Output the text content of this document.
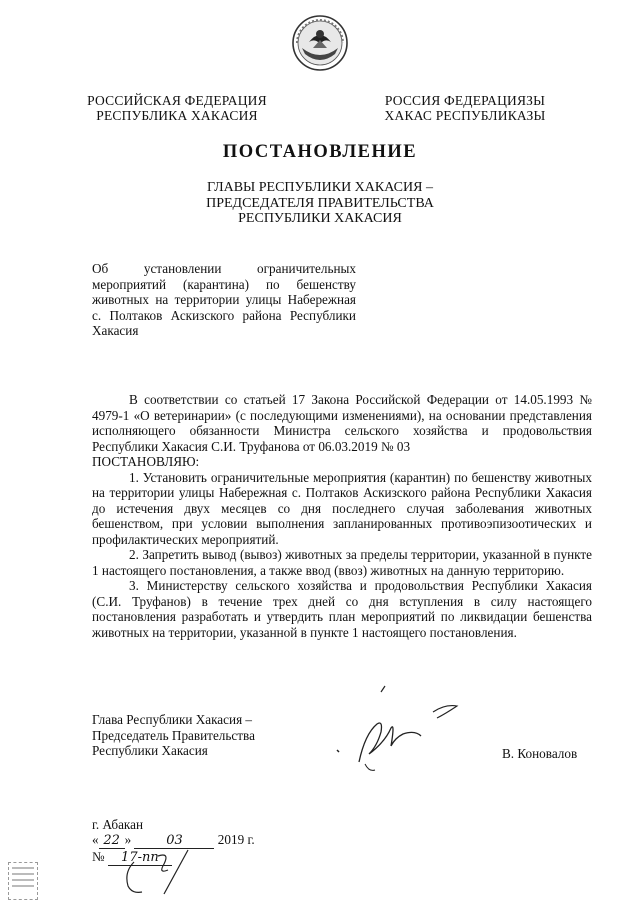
РОССИЙСКАЯ ФЕДЕРАЦИЯ
РЕСПУБЛИКА ХАКАСИЯ
РОССИЯ ФЕДЕРАЦИЯЗЫ
ХАКАС РЕСПУБЛИКАЗЫ
ПОСТАНОВЛЕНИЕ
ГЛАВЫ РЕСПУБЛИКИ ХАКАСИЯ –
ПРЕДСЕДАТЕЛЯ ПРАВИТЕЛЬСТВА
РЕСПУБЛИКИ ХАКАСИЯ
Об установлении ограничительных мероприятий (карантина) по бешенству животных на территории улицы Набережная с. Полтаков Аскизского района Республики Хакасия

В соответствии со статьей 17 Закона Российской Федерации от 14.05.1993 № 4979-1 «О ветеринарии» (с последующими изменениями), на основании представления исполняющего обязанности Министра сельского хозяйства и продовольствия Республики Хакасия С.И. Труфанова от 06.03.2019 № 03

ПОСТАНОВЛЯЮ:

1. Установить ограничительные мероприятия (карантин) по бешенству животных на территории улицы Набережная с. Полтаков Аскизского района Республики Хакасия до истечения двух месяцев со дня последнего случая заболевания животных бешенством, при условии выполнения запланированных противоэпизоотических и профилактических мероприятий.

2. Запретить вывод (вывоз) животных за пределы территории, указанной в пункте 1 настоящего постановления, а также ввод (ввоз) животных на данную территорию.

3. Министерству сельского хозяйства и продовольствия Республики Хакасия (С.И. Труфанов) в течение трех дней со дня вступления в силу настоящего постановления разработать и утвердить план мероприятий по ликвидации бешенства животных на территории, указанной в пункте 1 настоящего постановления.

Глава Республики Хакасия –
Председатель Правительства
Республики Хакасия	В. Коновалов
г. Абакан
« 22 »	03	2019 г.
№ 17-пп
